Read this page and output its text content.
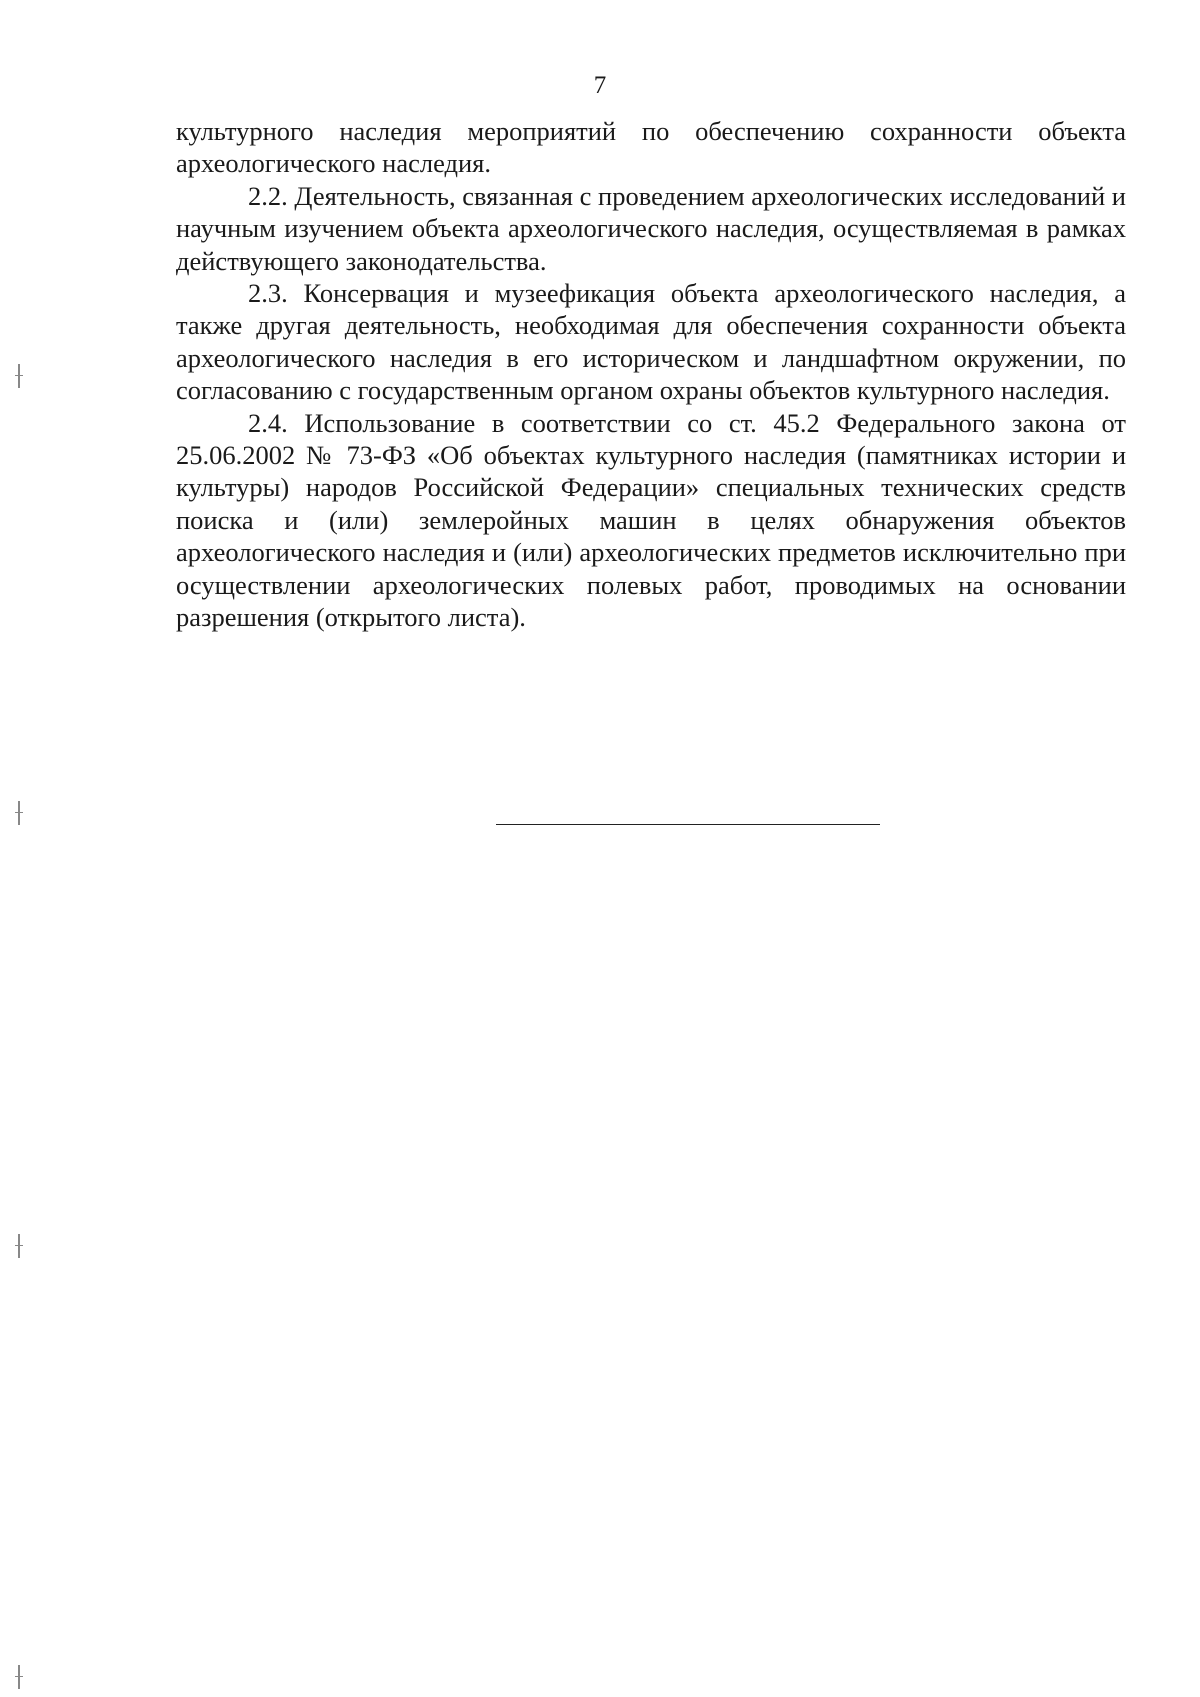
7

культурного наследия мероприятий по обеспечению сохранности объекта археологического наследия.

2.2. Деятельность, связанная с проведением археологических исследований и научным изучением объекта археологического наследия, осуществляемая в рамках действующего законодательства.

2.3. Консервация и музеефикация объекта археологического наследия, а также другая деятельность, необходимая для обеспечения сохранности объекта археологического наследия в его историческом и ландшафтном окружении, по согласованию с государственным органом охраны объектов культурного наследия.

2.4. Использование в соответствии со ст. 45.2 Федерального закона от 25.06.2002 № 73-ФЗ «Об объектах культурного наследия (памятниках истории и культуры) народов Российской Федерации» специальных технических средств поиска и (или) землеройных машин в целях обнаружения объектов археологического наследия и (или) археологических предметов исключительно при осуществлении археологических полевых работ, проводимых на основании разрешения (открытого листа).
